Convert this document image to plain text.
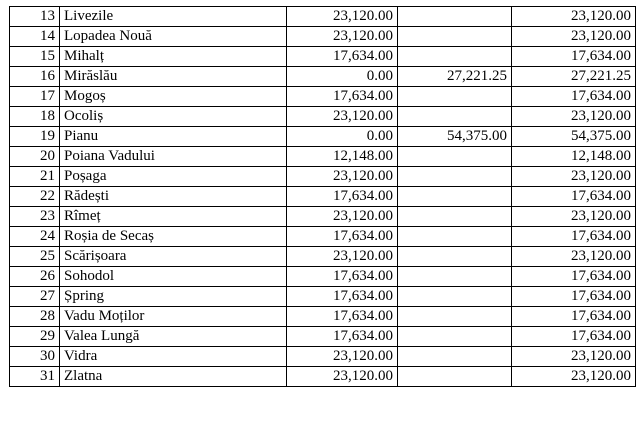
13	Livezile	23,120.00		23,120.00
14	Lopadea Nouă	23,120.00		23,120.00
15	Mihalț	17,634.00		17,634.00
16	Mirăslău	0.00	27,221.25	27,221.25
17	Mogoș	17,634.00		17,634.00
18	Ocoliș	23,120.00		23,120.00
19	Pianu	0.00	54,375.00	54,375.00
20	Poiana Vadului	12,148.00		12,148.00
21	Poșaga	23,120.00		23,120.00
22	Rădești	17,634.00		17,634.00
23	Rîmeț	23,120.00		23,120.00
24	Roșia de Secaș	17,634.00		17,634.00
25	Scărișoara	23,120.00		23,120.00
26	Sohodol	17,634.00		17,634.00
27	Șpring	17,634.00		17,634.00
28	Vadu Moților	17,634.00		17,634.00
29	Valea Lungă	17,634.00		17,634.00
30	Vidra	23,120.00		23,120.00
31	Zlatna	23,120.00		23,120.00
